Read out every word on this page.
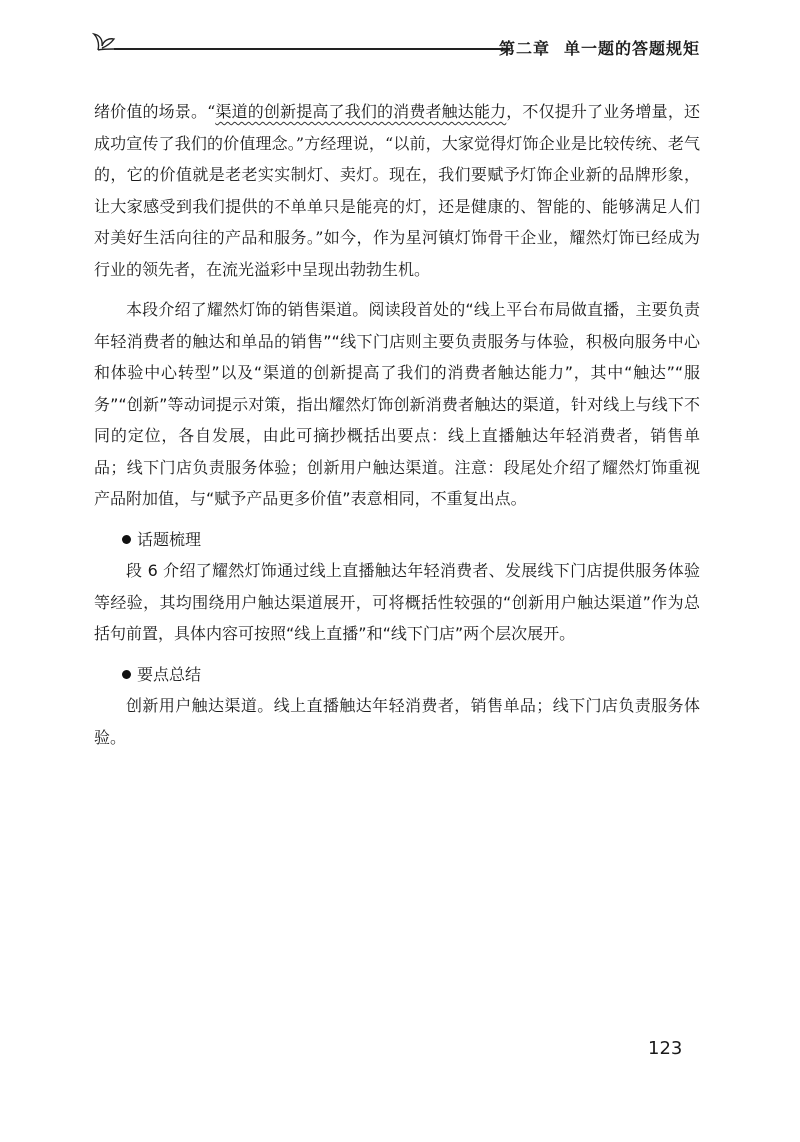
第二章 单一题的答题规矩

绪价值的场景。“渠道的创新提高了我们的消费者触达能力，不仅提升了业务增量，还成功宣传了我们的价值理念。”方经理说，“以前，大家觉得灯饰企业是比较传统、老气的，它的价值就是老老实实制灯、卖灯。现在，我们要赋予灯饰企业新的品牌形象，让大家感受到我们提供的不单单只是能亮的灯，还是健康的、智能的、能够满足人们对美好生活向往的产品和服务。”如今，作为星河镇灯饰骨干企业，耀然灯饰已经成为行业的领先者，在流光溢彩中呈现出勃勃生机。

本段介绍了耀然灯饰的销售渠道。阅读段首处的“线上平台布局做直播，主要负责年轻消费者的触达和单品的销售”“线下门店则主要负责服务与体验，积极向服务中心和体验中心转型”以及“渠道的创新提高了我们的消费者触达能力”，其中“触达”“服务”“创新”等动词提示对策，指出耀然灯饰创新消费者触达的渠道，针对线上与线下不同的定位，各自发展，由此可摘抄概括出要点：线上直播触达年轻消费者，销售单品；线下门店负责服务体验；创新用户触达渠道。注意：段尾处介绍了耀然灯饰重视产品附加值，与“赋予产品更多价值”表意相同，不重复出点。

话题梳理

段 6 介绍了耀然灯饰通过线上直播触达年轻消费者、发展线下门店提供服务体验等经验，其均围绕用户触达渠道展开，可将概括性较强的“创新用户触达渠道”作为总括句前置，具体内容可按照“线上直播”和“线下门店”两个层次展开。

要点总结

创新用户触达渠道。线上直播触达年轻消费者，销售单品；线下门店负责服务体验。

123
